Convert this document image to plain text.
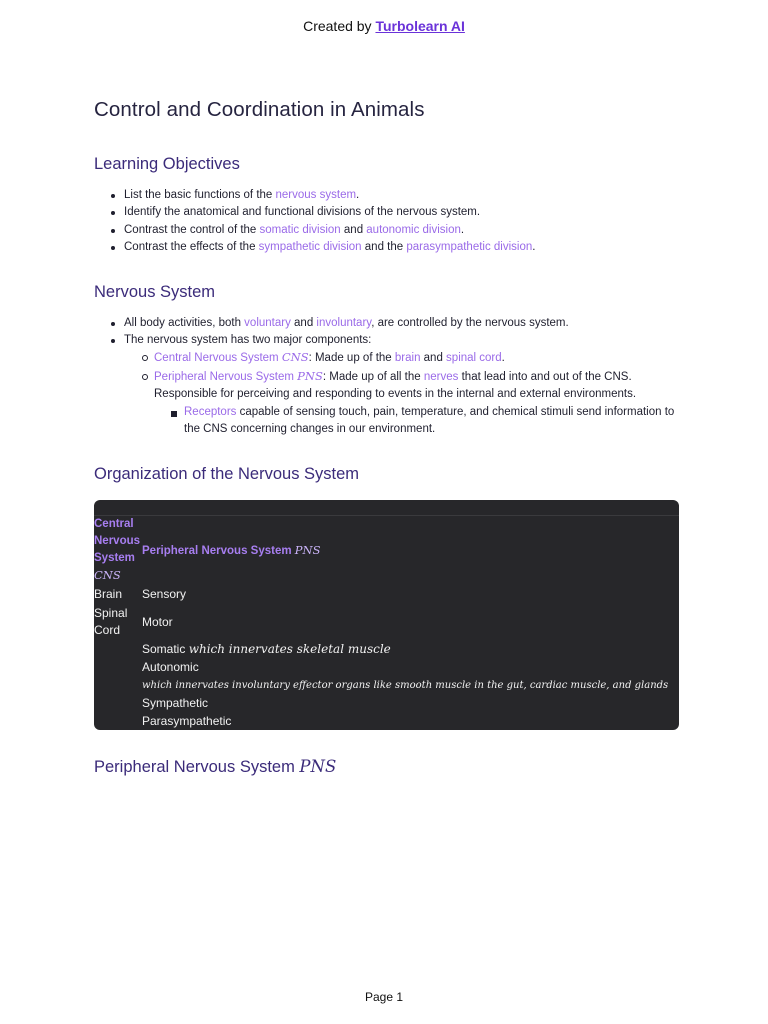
Created by Turbolearn AI
Control and Coordination in Animals
Learning Objectives
List the basic functions of the nervous system.
Identify the anatomical and functional divisions of the nervous system.
Contrast the control of the somatic division and autonomic division.
Contrast the effects of the sympathetic division and the parasympathetic division.
Nervous System
All body activities, both voluntary and involuntary, are controlled by the nervous system.
The nervous system has two major components:
Central Nervous System CNS: Made up of the brain and spinal cord.
Peripheral Nervous System PNS: Made up of all the nerves that lead into and out of the CNS. Responsible for perceiving and responding to events in the internal and external environments.
Receptors capable of sensing touch, pain, temperature, and chemical stimuli send information to the CNS concerning changes in our environment.
Organization of the Nervous System
Central Nervous System
CNS	Peripheral Nervous System PNS
Brain	Sensory
Spinal Cord	Motor
	Somatic which innervates skeletal muscle
	Autonomic
which innervates involuntary effector organs like smooth muscle in the gut, cardiac muscle, and glands
	Sympathetic
	Parasympathetic
Peripheral Nervous System PNS
Page 1
